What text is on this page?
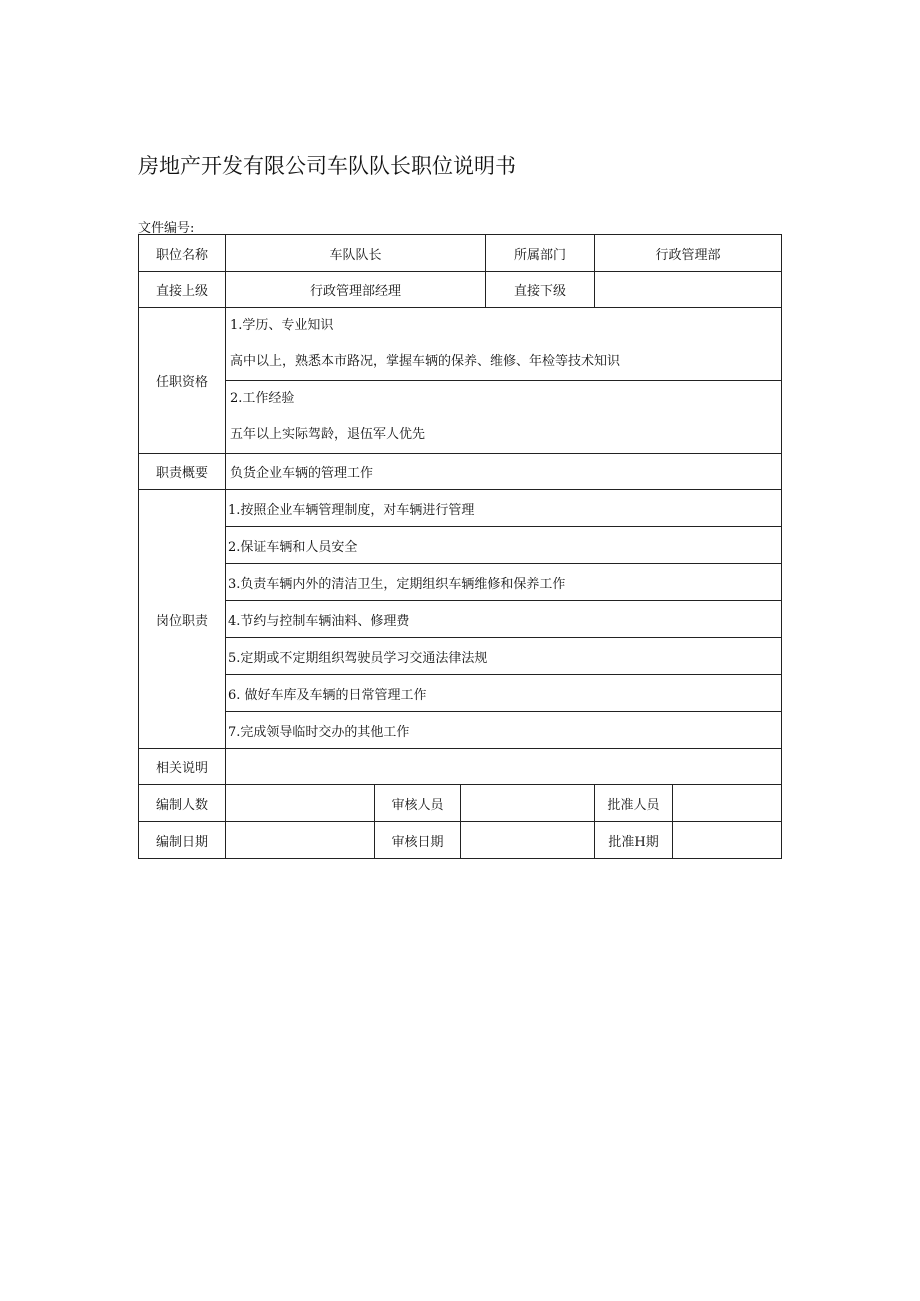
房地产开发有限公司车队队长职位说明书
文件编号:
职位名称	车队队长			所属部门	行政管理部	
直接上级	行政管理部经理			直接下级		
任职资格	1.学历、专业知识
高中以上，熟悉本市路况，掌握车辆的保养、维修、年检等技术知识					

	2.工作经验
五年以上实际驾龄，退伍军人优先					

职责概要	负货企业车辆的管理工作					
岗位职责	1.按照企业车辆管理制度，对车辆进行管理					
	2.保证车辆和人员安全					
	3.负责车辆内外的清洁卫生，定期组织车辆维修和保养工作					
	4.节约与控制车辆油料、修理费					
	5.定期或不定期组织驾驶员学习交通法律法规					
	6. 做好车库及车辆的日常管理工作					
	7.完成领导临时交办的其他工作					
相关说明						
编制人数		审核人员			批准人员	
编制日期		审核日期			批准H期	
